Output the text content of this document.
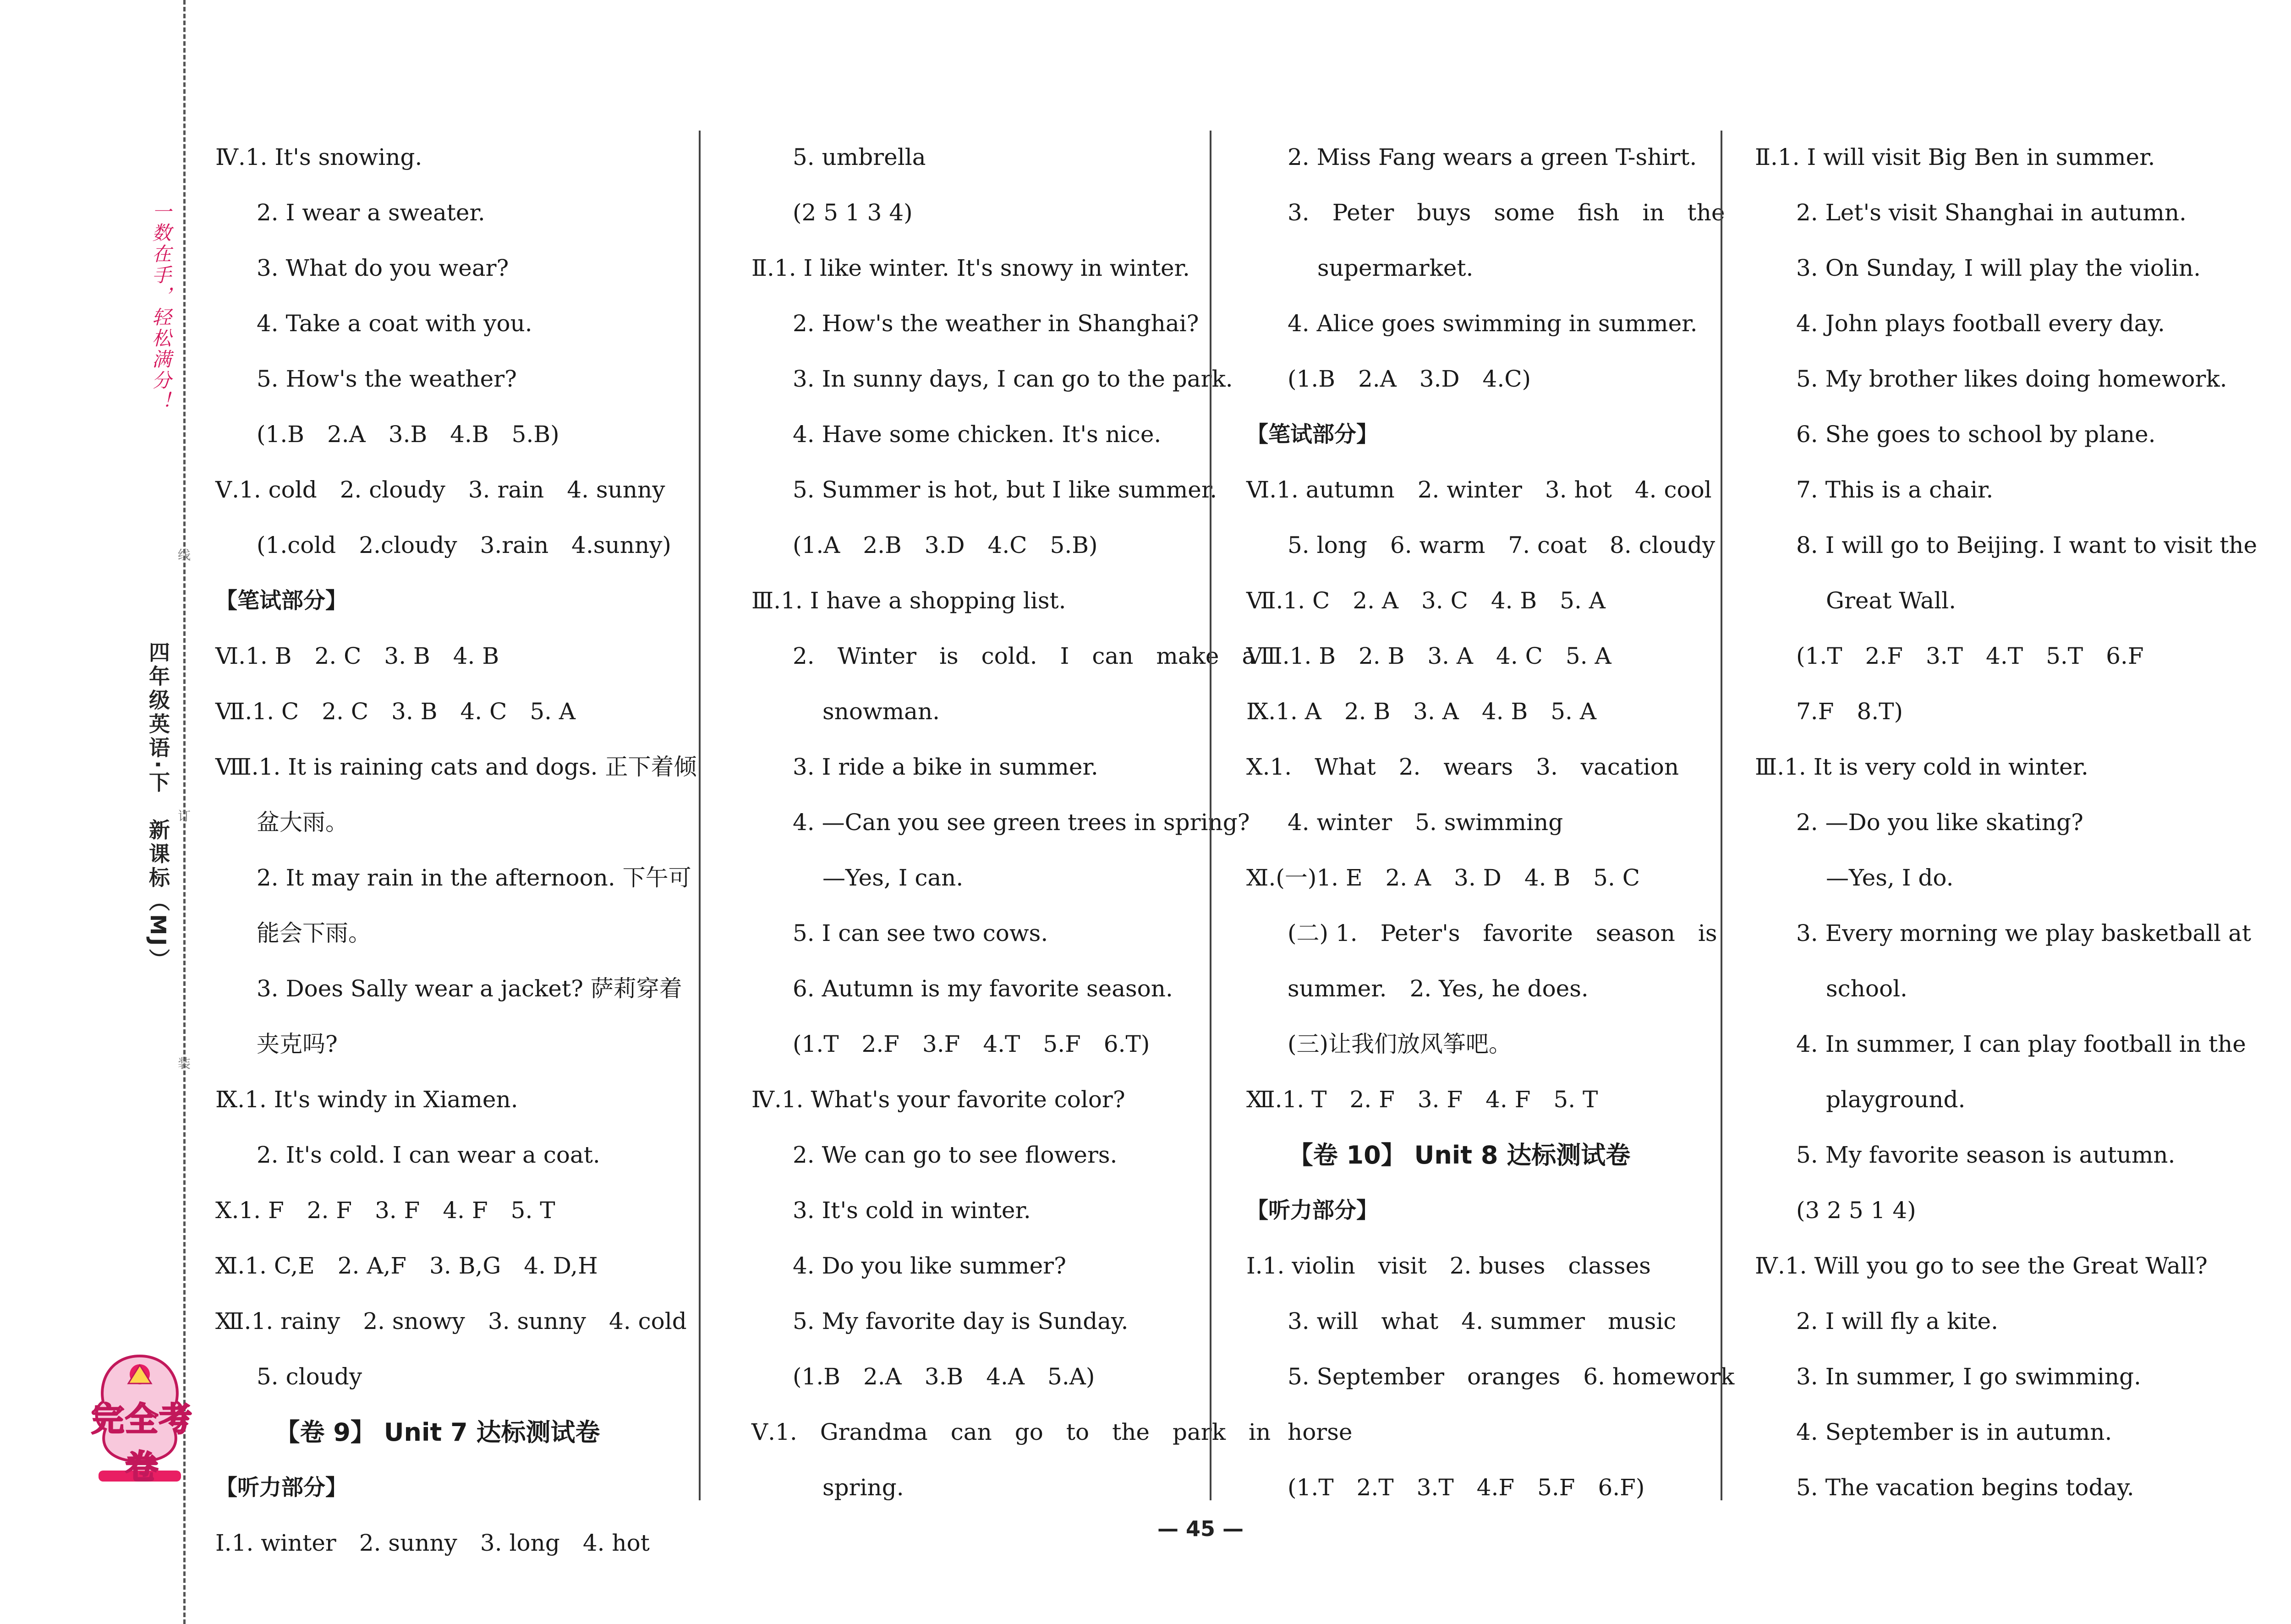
一数在手，轻松满分！
四年级英语·下　新课标（MJ）
线
订
装
完全考卷
Ⅳ.1. It's snowing.
2. I wear a sweater.
3. What do you wear?
4. Take a coat with you.
5. How's the weather?
(1.B　2.A　3.B　4.B　5.B)
Ⅴ.1. cold　2. cloudy　3. rain　4. sunny
(1.cold　2.cloudy　3.rain　4.sunny)
【笔试部分】
Ⅵ.1. B　2. C　3. B　4. B
Ⅶ.1. C　2. C　3. B　4. C　5. A
Ⅷ.1. It is raining cats and dogs. 正下着倾
盆大雨。
2. It may rain in the afternoon. 下午可
能会下雨。
3. Does Sally wear a jacket? 萨莉穿着
夹克吗?
Ⅸ.1. It's windy in Xiamen.
2. It's cold. I can wear a coat.
Ⅹ.1. F　2. F　3. F　4. F　5. T
Ⅺ.1. C,E　2. A,F　3. B,G　4. D,H
Ⅻ.1. rainy　2. snowy　3. sunny　4. cold
5. cloudy
【卷 9】 Unit 7 达标测试卷
【听力部分】
Ⅰ.1. winter　2. sunny　3. long　4. hot
5. umbrella
(2 5 1 3 4)
Ⅱ.1. I like winter. It's snowy in winter.
2. How's the weather in Shanghai?
3. In sunny days, I can go to the park.
4. Have some chicken. It's nice.
5. Summer is hot, but I like summer.
(1.A　2.B　3.D　4.C　5.B)
Ⅲ.1. I have a shopping list.
2.　Winter　is　cold.　I　can　make　a
snowman.
3. I ride a bike in summer.
4. —Can you see green trees in spring?
—Yes, I can.
5. I can see two cows.
6. Autumn is my favorite season.
(1.T　2.F　3.F　4.T　5.F　6.T)
Ⅳ.1. What's your favorite color?
2. We can go to see flowers.
3. It's cold in winter.
4. Do you like summer?
5. My favorite day is Sunday.
(1.B　2.A　3.B　4.A　5.A)
Ⅴ.1.　Grandma　can　go　to　the　park　in
spring.
2. Miss Fang wears a green T-shirt.
3.　Peter　buys　some　fish　in　the
supermarket.
4. Alice goes swimming in summer.
(1.B　2.A　3.D　4.C)
【笔试部分】
Ⅵ.1. autumn　2. winter　3. hot　4. cool
5. long　6. warm　7. coat　8. cloudy
Ⅶ.1. C　2. A　3. C　4. B　5. A
Ⅷ.1. B　2. B　3. A　4. C　5. A
Ⅸ.1. A　2. B　3. A　4. B　5. A
Ⅹ.1.　What　2.　wears　3.　vacation
4. winter　5. swimming
Ⅺ.(一)1. E　2. A　3. D　4. B　5. C
(二) 1.　Peter's　favorite　season　is
summer.　2. Yes, he does.
(三)让我们放风筝吧。
Ⅻ.1. T　2. F　3. F　4. F　5. T
【卷 10】 Unit 8 达标测试卷
【听力部分】
Ⅰ.1. violin　visit　2. buses　classes
3. will　what　4. summer　music
5. September　oranges　6. homework
horse
(1.T　2.T　3.T　4.F　5.F　6.F)
Ⅱ.1. I will visit Big Ben in summer.
2. Let's visit Shanghai in autumn.
3. On Sunday, I will play the violin.
4. John plays football every day.
5. My brother likes doing homework.
6. She goes to school by plane.
7. This is a chair.
8. I will go to Beijing. I want to visit the
Great Wall.
(1.T　2.F　3.T　4.T　5.T　6.F
7.F　8.T)
Ⅲ.1. It is very cold in winter.
2. —Do you like skating?
—Yes, I do.
3. Every morning we play basketball at
school.
4. In summer, I can play football in the
playground.
5. My favorite season is autumn.
(3 2 5 1 4)
Ⅳ.1. Will you go to see the Great Wall?
2. I will fly a kite.
3. In summer, I go swimming.
4. September is in autumn.
5. The vacation begins today.
— 45 —
